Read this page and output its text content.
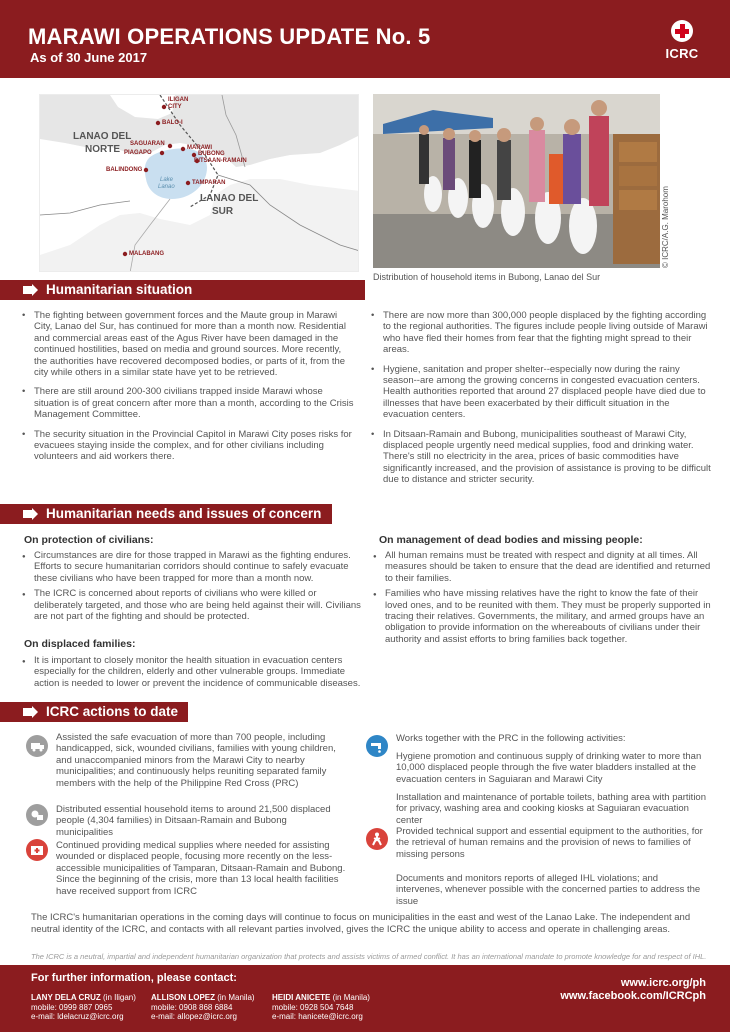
MARAWI OPERATIONS UPDATE No. 5
As of 30 June 2017	ICRC
LANAO DEL
NORTE
LANAO DEL
SUR
ILIGAN
CITY
BALO-I
SAGUARAN
PIAGAPO
MARAWI
BUBONG
DITSAAN-RAMAIN
BALINDONG
TAMPARAN
MALABANG
Lake
Lanao	© ICRC/A.G. Marohom
Distribution of household items in Bubong, Lanao del Sur
Humanitarian situation
• The fighting between government forces and the Maute group in Marawi City, Lanao del Sur, has continued for more than a month now. Residential and commercial areas east of the Agus River have been damaged in the continued hostilities, based on media and ground sources. More recently, the authorities have recovered decomposed bodies, or parts of it, from the city while others in a similar state have yet to be retrieved.
• There are still around 200-300 civilians trapped inside Marawi whose situation is of great concern after more than a month, according to the Crisis Management Committee.
• The security situation in the Provincial Capitol in Marawi City poses risks for evacuees staying inside the complex, and for other civilians including volunteers and aid workers there.
• There are now more than 300,000 people displaced by the fighting according to the regional authorities. The figures include people living outside of Marawi who have fled their homes from fear that the fighting might spread to their areas.
• Hygiene, sanitation and proper shelter--especially now during the rainy season--are among the growing concerns in congested evacuation centers. Health authorities reported that around 27 displaced people have died due to illnesses that have been exacerbated by their difficult situation in the evacuation centers.
• In Ditsaan-Ramain and Bubong, municipalities southeast of Marawi City, displaced people urgently need medical supplies, food and drinking water. There's still no electricity in the area, prices of basic commodities have significantly increased, and the provision of assistance is proving to be difficult due to distance and stricter security.
Humanitarian needs and issues of concern
On protection of civilians:
● Circumstances are dire for those trapped in Marawi as the fighting endures. Efforts to secure humanitarian corridors should continue to safely evacuate these civilians who have been trapped for more than a month now.
● The ICRC is concerned about reports of civilians who were killed or deliberately targeted, and those who are being held against their will. Civilians are not part of the fighting and should be protected.
On displaced families:
● It is important to closely monitor the health situation in evacuation centers especially for the children, elderly and other vulnerable groups. Immediate action is needed to lower or prevent the incidence of communicable diseases.
On management of dead bodies and missing people:
● All human remains must be treated with respect and dignity at all times. All measures should be taken to ensure that the dead are identified and returned to their families.
● Families who have missing relatives have the right to know the fate of their loved ones, and to be reunited with them. They must be properly supported in tracing their relatives. Governments, the military, and armed groups have an obligation to provide information on the whereabouts of civilians under their authority and assist efforts to bring families back together.
ICRC actions to date
Assisted the safe evacuation of more than 700 people, including handicapped, sick, wounded civilians, families with young children, and unaccompanied minors from the Marawi City to nearby municipalities; and continuously helps reuniting separated family members with the help of the Philippine Red Cross (PRC)
Distributed essential household items to around 21,500 displaced people (4,304 families) in Ditsaan-Ramain and Bubong municipalities
Continued providing medical supplies where needed for assisting wounded or displaced people, focusing more recently on the less-accessible municipalities of Tamparan, Ditsaan-Ramain and Bubong. Since the beginning of the crisis, more than 13 local health facilities have received support from ICRC
Works together with the PRC in the following activities:
Hygiene promotion and continuous supply of drinking water to more than 10,000 displaced people through the five water bladders installed at the evacuation centers in Saguiaran and Marawi City
Installation and maintenance of portable toilets, bathing area with partition for privacy, washing area and cooking kiosks at Saguiaran evacuation center
Provided technical support and essential equipment to the authorities, for the retrieval of human remains and the provision of news to families of missing persons
Documents and monitors reports of alleged IHL violations; and intervenes, whenever possible with the concerned parties to address the issue
The ICRC's humanitarian operations in the coming days will continue to focus on municipalities in the east and west of the Lanao Lake. The independent and neutral identity of the ICRC, and contacts with all relevant parties involved, gives the ICRC the unique ability to access and operate in challenging areas.
The ICRC is a neutral, impartial and independent humanitarian organization that protects and assists victims of armed conflict. It has an international mandate to promote knowledge for and respect of IHL.
For further information, please contact:
LANY DELA CRUZ (in Iligan)
mobile: 0999 887 0965
e-mail: ldelacruz@icrc.org
ALLISON LOPEZ (in Manila)
mobile: 0908 868 6884
e-mail: allopez@icrc.org
HEIDI ANICETE (in Manila)
mobile: 0928 504 7648
e-mail: hanicete@icrc.org
www.icrc.org/ph
www.facebook.com/ICRCph
